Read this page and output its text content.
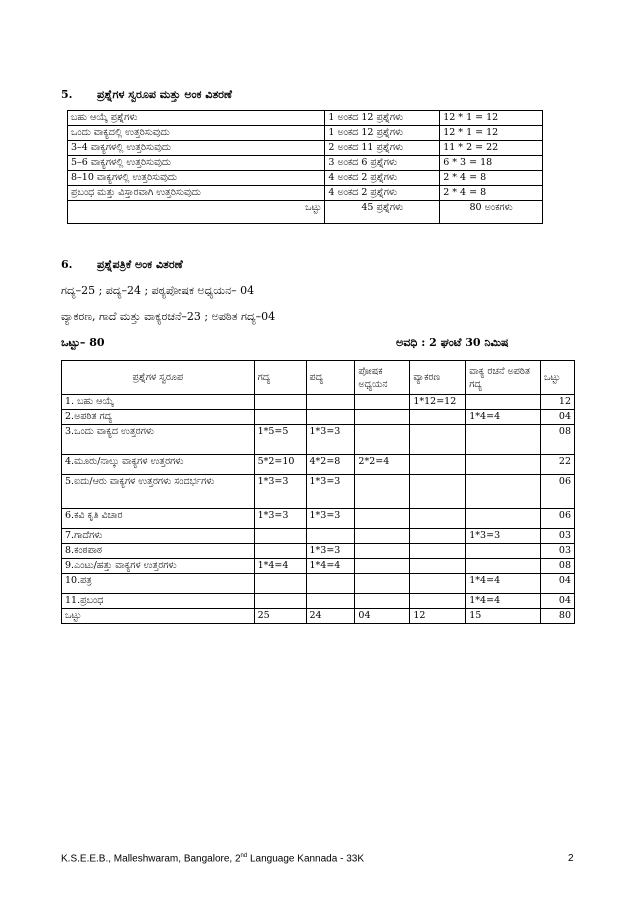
5. ಪ್ರಶ್ನೆಗಳ ಸ್ವರೂಪ ಮತ್ತು ಅಂಕ ವಿತರಣೆ
ಬಹು ಆಯ್ಕೆ ಪ್ರಶ್ನೆಗಳು	1 ಅಂಕದ 12 ಪ್ರಶ್ನೆಗಳು	12 * 1 = 12
ಒಂದು ವಾಕ್ಯದಲ್ಲಿ ಉತ್ತರಿಸುವುದು	1 ಅಂಕದ 12 ಪ್ರಶ್ನೆಗಳು	12 * 1 = 12
3–4 ವಾಕ್ಯಗಳಲ್ಲಿ ಉತ್ತರಿಸುವುದು	2 ಅಂಕದ 11 ಪ್ರಶ್ನೆಗಳು	11 * 2 = 22
5–6 ವಾಕ್ಯಗಳಲ್ಲಿ ಉತ್ತರಿಸುವುದು	3 ಅಂಕದ 6 ಪ್ರಶ್ನೆಗಳು	6 * 3 = 18
8–10 ವಾಕ್ಯಗಳಲ್ಲಿ ಉತ್ತರಿಸುವುದು	4 ಅಂಕದ 2 ಪ್ರಶ್ನೆಗಳು	2 * 4 = 8
ಪ್ರಬಂಧ ಮತ್ತು ವಿಸ್ತಾರವಾಗಿ ಉತ್ತರಿಸುವುದು	4 ಅಂಕದ 2 ಪ್ರಶ್ನೆಗಳು	2 * 4 = 8
ಒಟ್ಟು	45 ಪ್ರಶ್ನೆಗಳು	80 ಅಂಕಗಳು
6. ಪ್ರಶ್ನೆಪತ್ರಿಕೆ ಅಂಕ ವಿತರಣೆ
ಗದ್ಯ–25 ; ಪದ್ಯ–24 ; ಪಠ್ಯಪೋಷಕ ಅಧ್ಯಯನ– 04
ವ್ಯಾಕರಣ, ಗಾದೆ ಮತ್ತು ವಾಕ್ಯರಚನೆ–23 ; ಅಪಠಿತ ಗದ್ಯ–04
ಒಟ್ಟು– 80	ಅವಧಿ : 2 ಘಂಟೆ 30 ನಿಮಿಷ
ಪ್ರಶ್ನೆಗಳ ಸ್ವರೂಪ	ಗದ್ಯ	ಪದ್ಯ	ಪೋಷಕ ಅಧ್ಯಯನ	ವ್ಯಾಕರಣ	ವಾಕ್ಯ ರಚನೆ ಅಪಠಿತ ಗದ್ಯ	ಒಟ್ಟು
1. ಬಹು ಆಯ್ಕೆ				1*12=12		12
2.ಅಪಠಿತ ಗದ್ಯ					1*4=4	04
3.ಒಂದು ವಾಕ್ಯದ ಉತ್ತರಗಳು	1*5=5	1*3=3				08
4.ಮೂರು/ನಾಲ್ಕು ವಾಕ್ಯಗಳ ಉತ್ತರಗಳು	5*2=10	4*2=8	2*2=4			22
5.ಐದು/ಆರು ವಾಕ್ಯಗಳ ಉತ್ತರಗಳು ಸಂದರ್ಭಗಳು	1*3=3	1*3=3				06
6.ಕವಿ ಕೃತಿ ವಿಚಾರ	1*3=3	1*3=3				06
7.ಗಾದೆಗಳು					1*3=3	03
8.ಕಂಠಪಾಠ		1*3=3				03
9.ಎಂಟು/ಹತ್ತು ವಾಕ್ಯಗಳ ಉತ್ತರಗಳು	1*4=4	1*4=4				08
10.ಪತ್ರ					1*4=4	04
11.ಪ್ರಬಂಧ					1*4=4	04
ಒಟ್ಟು	25	24	04	12	15	80
K.S.E.E.B., Malleshwaram, Bangalore, 2nd Language Kannada - 33K	2
